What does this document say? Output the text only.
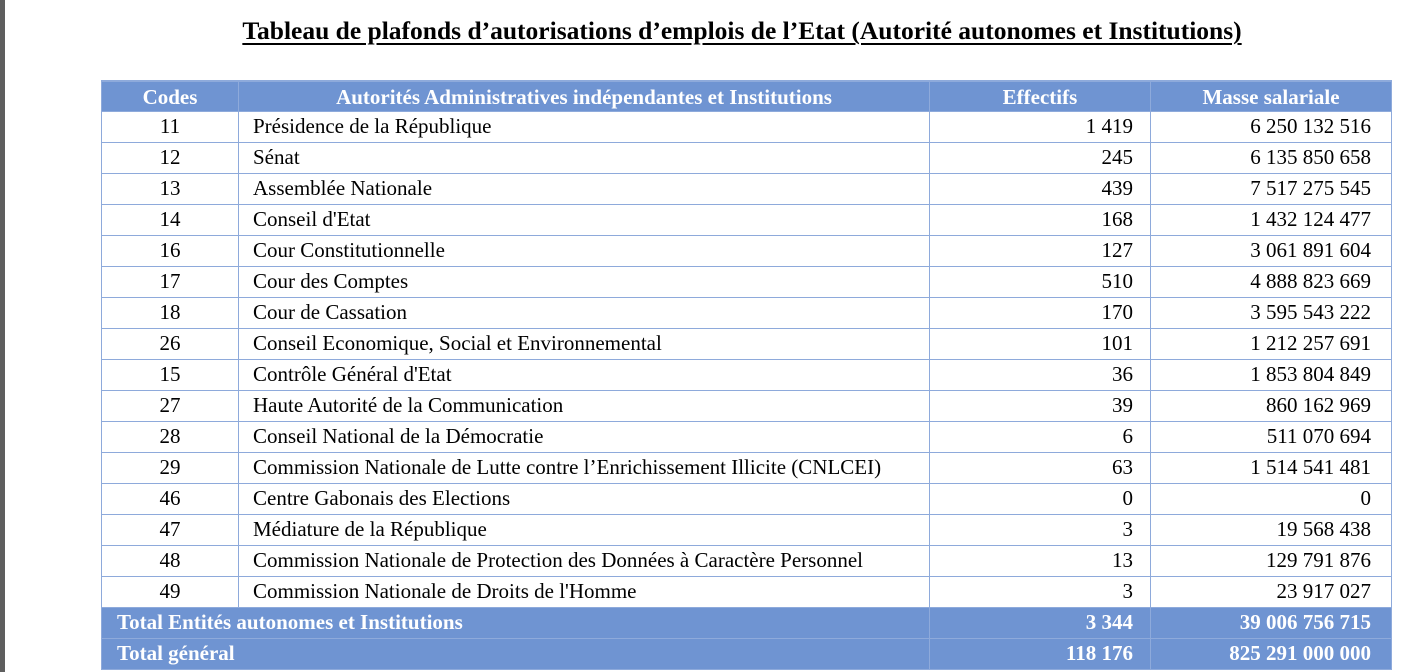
Tableau de plafonds d’autorisations d’emplois de l’Etat (Autorité autonomes et Institutions)
Codes	Autorités Administratives indépendantes et Institutions	Effectifs	Masse salariale
11	Présidence de la République	1 419	6 250 132 516
12	Sénat	245	6 135 850 658
13	Assemblée Nationale	439	7 517 275 545
14	Conseil d'Etat	168	1 432 124 477
16	Cour Constitutionnelle	127	3 061 891 604
17	Cour des Comptes	510	4 888 823 669
18	Cour de Cassation	170	3 595 543 222
26	Conseil Economique, Social et Environnemental	101	1 212 257 691
15	Contrôle Général d'Etat	36	1 853 804 849
27	Haute Autorité de la Communication	39	860 162 969
28	Conseil National de la Démocratie	6	511 070 694
29	Commission Nationale de Lutte contre l’Enrichissement Illicite (CNLCEI)	63	1 514 541 481
46	Centre Gabonais des Elections	0	0
47	Médiature de la République	3	19 568 438
48	Commission Nationale de Protection des Données à Caractère Personnel	13	129 791 876
49	Commission Nationale de Droits de l'Homme	3	23 917 027
Total Entités autonomes et Institutions		3 344	39 006 756 715
Total général		118 176	825 291 000 000
